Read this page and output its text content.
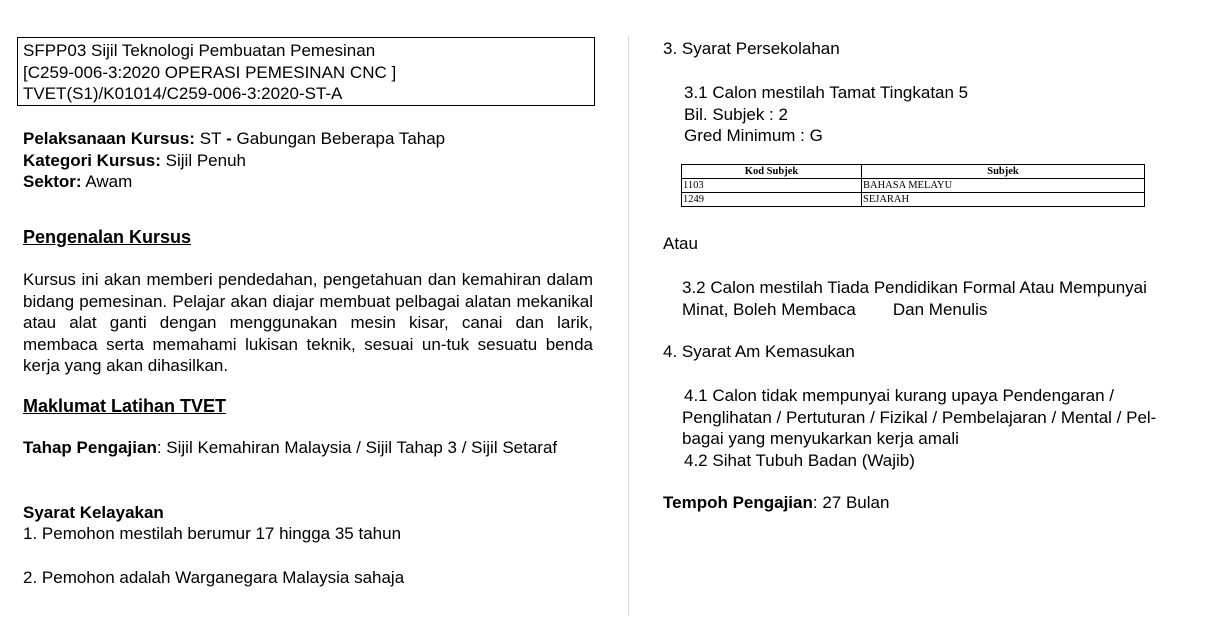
SFPP03 Sijil Teknologi Pembuatan Pemesinan
[C259-006-3:2020 OPERASI PEMESINAN CNC ]
TVET(S1)/K01014/C259-006-3:2020-ST-A
Pelaksanaan Kursus: ST - Gabungan Beberapa Tahap
Kategori Kursus: Sijil Penuh
Sektor: Awam
Pengenalan Kursus
Kursus ini akan memberi pendedahan, pengetahuan dan kemahiran dalam bidang pemesinan. Pelajar akan diajar membuat pelbagai alatan mekanikal atau alat ganti dengan menggunakan mesin kisar, canai dan larik, membaca serta memahami lukisan teknik, sesuai un-tuk sesuatu benda kerja yang akan dihasilkan.
Maklumat Latihan TVET
Tahap Pengajian: Sijil Kemahiran Malaysia / Sijil Tahap 3 / Sijil Setaraf
Syarat Kelayakan
1. Pemohon mestilah berumur 17 hingga 35 tahun
2. Pemohon adalah Warganegara Malaysia sahaja
3. Syarat Persekolahan
3.1 Calon mestilah Tamat Tingkatan 5
Bil. Subjek : 2
Gred Minimum : G
Kod Subjek	Subjek
1103	BAHASA MELAYU
1249	SEJARAH
Atau
3.2 Calon mestilah Tiada Pendidikan Formal Atau Mempunyai
Minat, Boleh Membaca Dan Menulis
4. Syarat Am Kemasukan
4.1 Calon tidak mempunyai kurang upaya Pendengaran /
Penglihatan / Pertuturan / Fizikal / Pembelajaran / Mental / Pel-
bagai yang menyukarkan kerja amali
4.2 Sihat Tubuh Badan (Wajib)
Tempoh Pengajian: 27 Bulan
